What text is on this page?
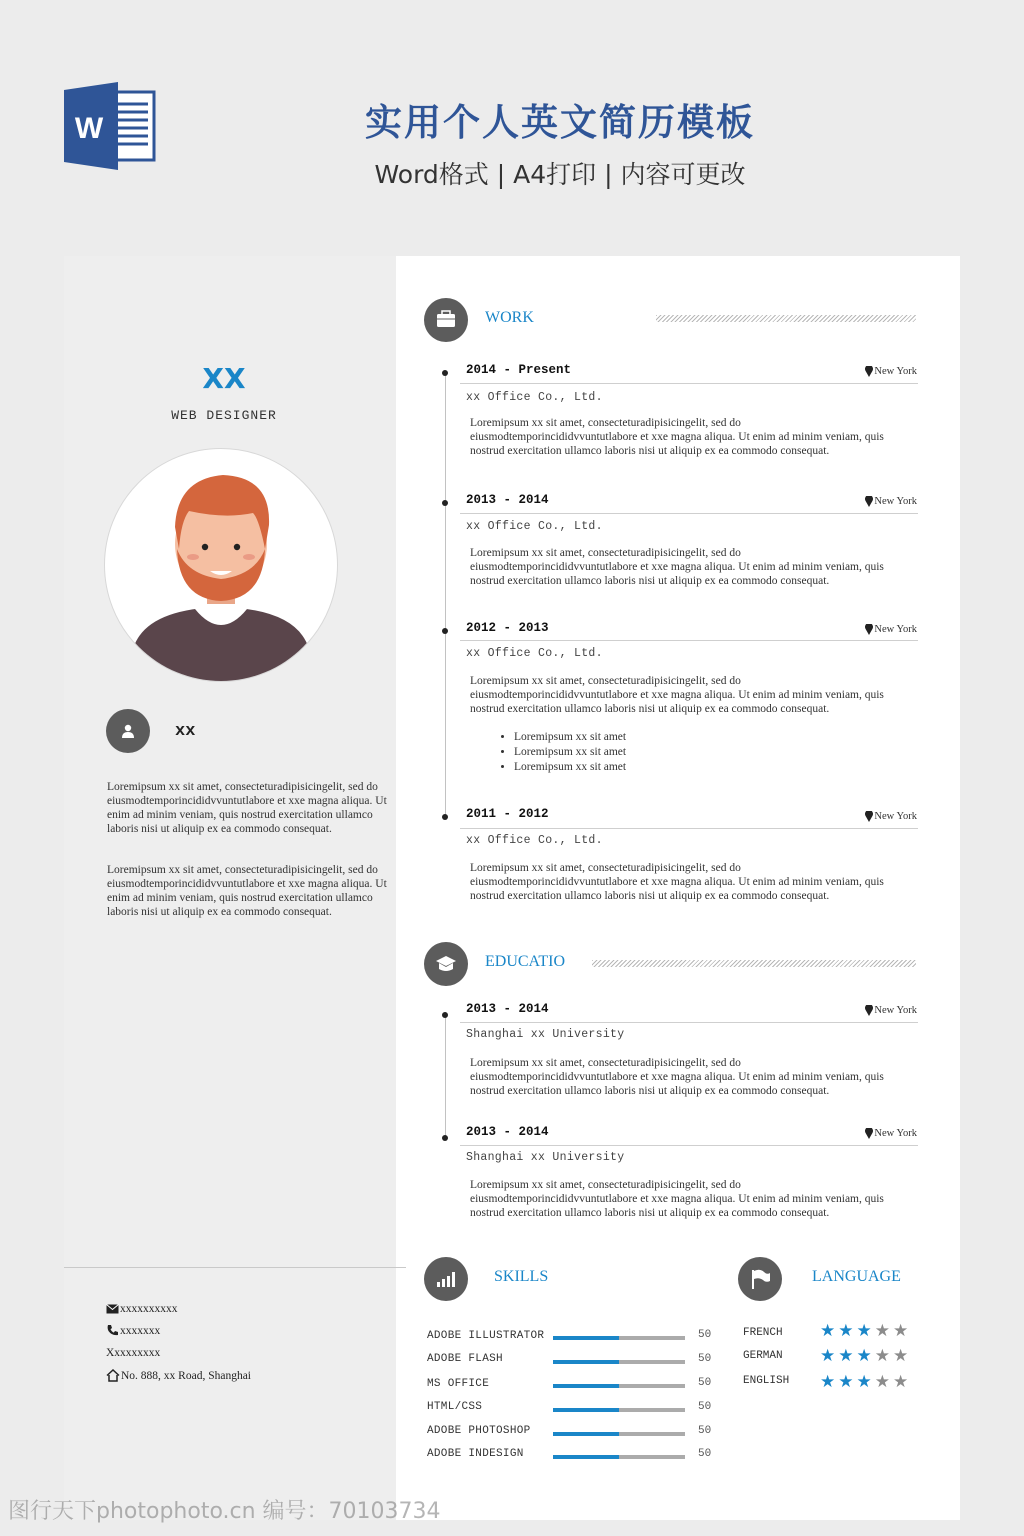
W	实用个人英文简历模板
Word格式 | A4打印 | 内容可更改
XX
WEB DESIGNER
xx

Loremipsum xx sit amet, consecteturadipisicingelit, sed do eiusmodtemporincididvvuntutlabore et xxe magna aliqua. Ut enim ad minim veniam, quis nostrud exercitation ullamco laboris nisi ut aliquip ex ea commodo consequat.

Loremipsum xx sit amet, consecteturadipisicingelit, sed do eiusmodtemporincididvvuntutlabore et xxe magna aliqua. Ut enim ad minim veniam, quis nostrud exercitation ullamco laboris nisi ut aliquip ex ea commodo consequat.

xxxxxxxxxx
xxxxxxx
Xxxxxxxxx
No. 888, xx Road, Shanghai
WORK
2014 - Present	New York
xx Office Co., Ltd.

Loremipsum xx sit amet, consecteturadipisicingelit, sed do eiusmodtemporincididvvuntutlabore et xxe magna aliqua. Ut enim ad minim veniam, quis nostrud exercitation ullamco laboris nisi ut aliquip ex ea commodo consequat.

2013 - 2014	New York
xx Office Co., Ltd.

Loremipsum xx sit amet, consecteturadipisicingelit, sed do eiusmodtemporincididvvuntutlabore et xxe magna aliqua. Ut enim ad minim veniam, quis nostrud exercitation ullamco laboris nisi ut aliquip ex ea commodo consequat.

2012 - 2013	New York
xx Office Co., Ltd.

Loremipsum xx sit amet, consecteturadipisicingelit, sed do eiusmodtemporincididvvuntutlabore et xxe magna aliqua. Ut enim ad minim veniam, quis nostrud exercitation ullamco laboris nisi ut aliquip ex ea commodo consequat.

• Loremipsum xx sit amet
• Loremipsum xx sit amet
• Loremipsum xx sit amet
2011 - 2012	New York
xx Office Co., Ltd.

Loremipsum xx sit amet, consecteturadipisicingelit, sed do eiusmodtemporincididvvuntutlabore et xxe magna aliqua. Ut enim ad minim veniam, quis nostrud exercitation ullamco laboris nisi ut aliquip ex ea commodo consequat.

EDUCATIO
2013 - 2014	New York
Shanghai xx University

Loremipsum xx sit amet, consecteturadipisicingelit, sed do eiusmodtemporincididvvuntutlabore et xxe magna aliqua. Ut enim ad minim veniam, quis nostrud exercitation ullamco laboris nisi ut aliquip ex ea commodo consequat.

2013 - 2014	New York
Shanghai xx University

Loremipsum xx sit amet, consecteturadipisicingelit, sed do eiusmodtemporincididvvuntutlabore et xxe magna aliqua. Ut enim ad minim veniam, quis nostrud exercitation ullamco laboris nisi ut aliquip ex ea commodo consequat.

SKILLS
ADOBE ILLUSTRATOR	50
ADOBE FLASH	50
MS OFFICE	50
HTML/CSS	50
ADOBE PHOTOSHOP	50
ADOBE INDESIGN	50
LANGUAGE
FRENCH ★★★★★
GERMAN ★★★★★
ENGLISH ★★★★★
图行天下photophoto.cn 编号：70103734
